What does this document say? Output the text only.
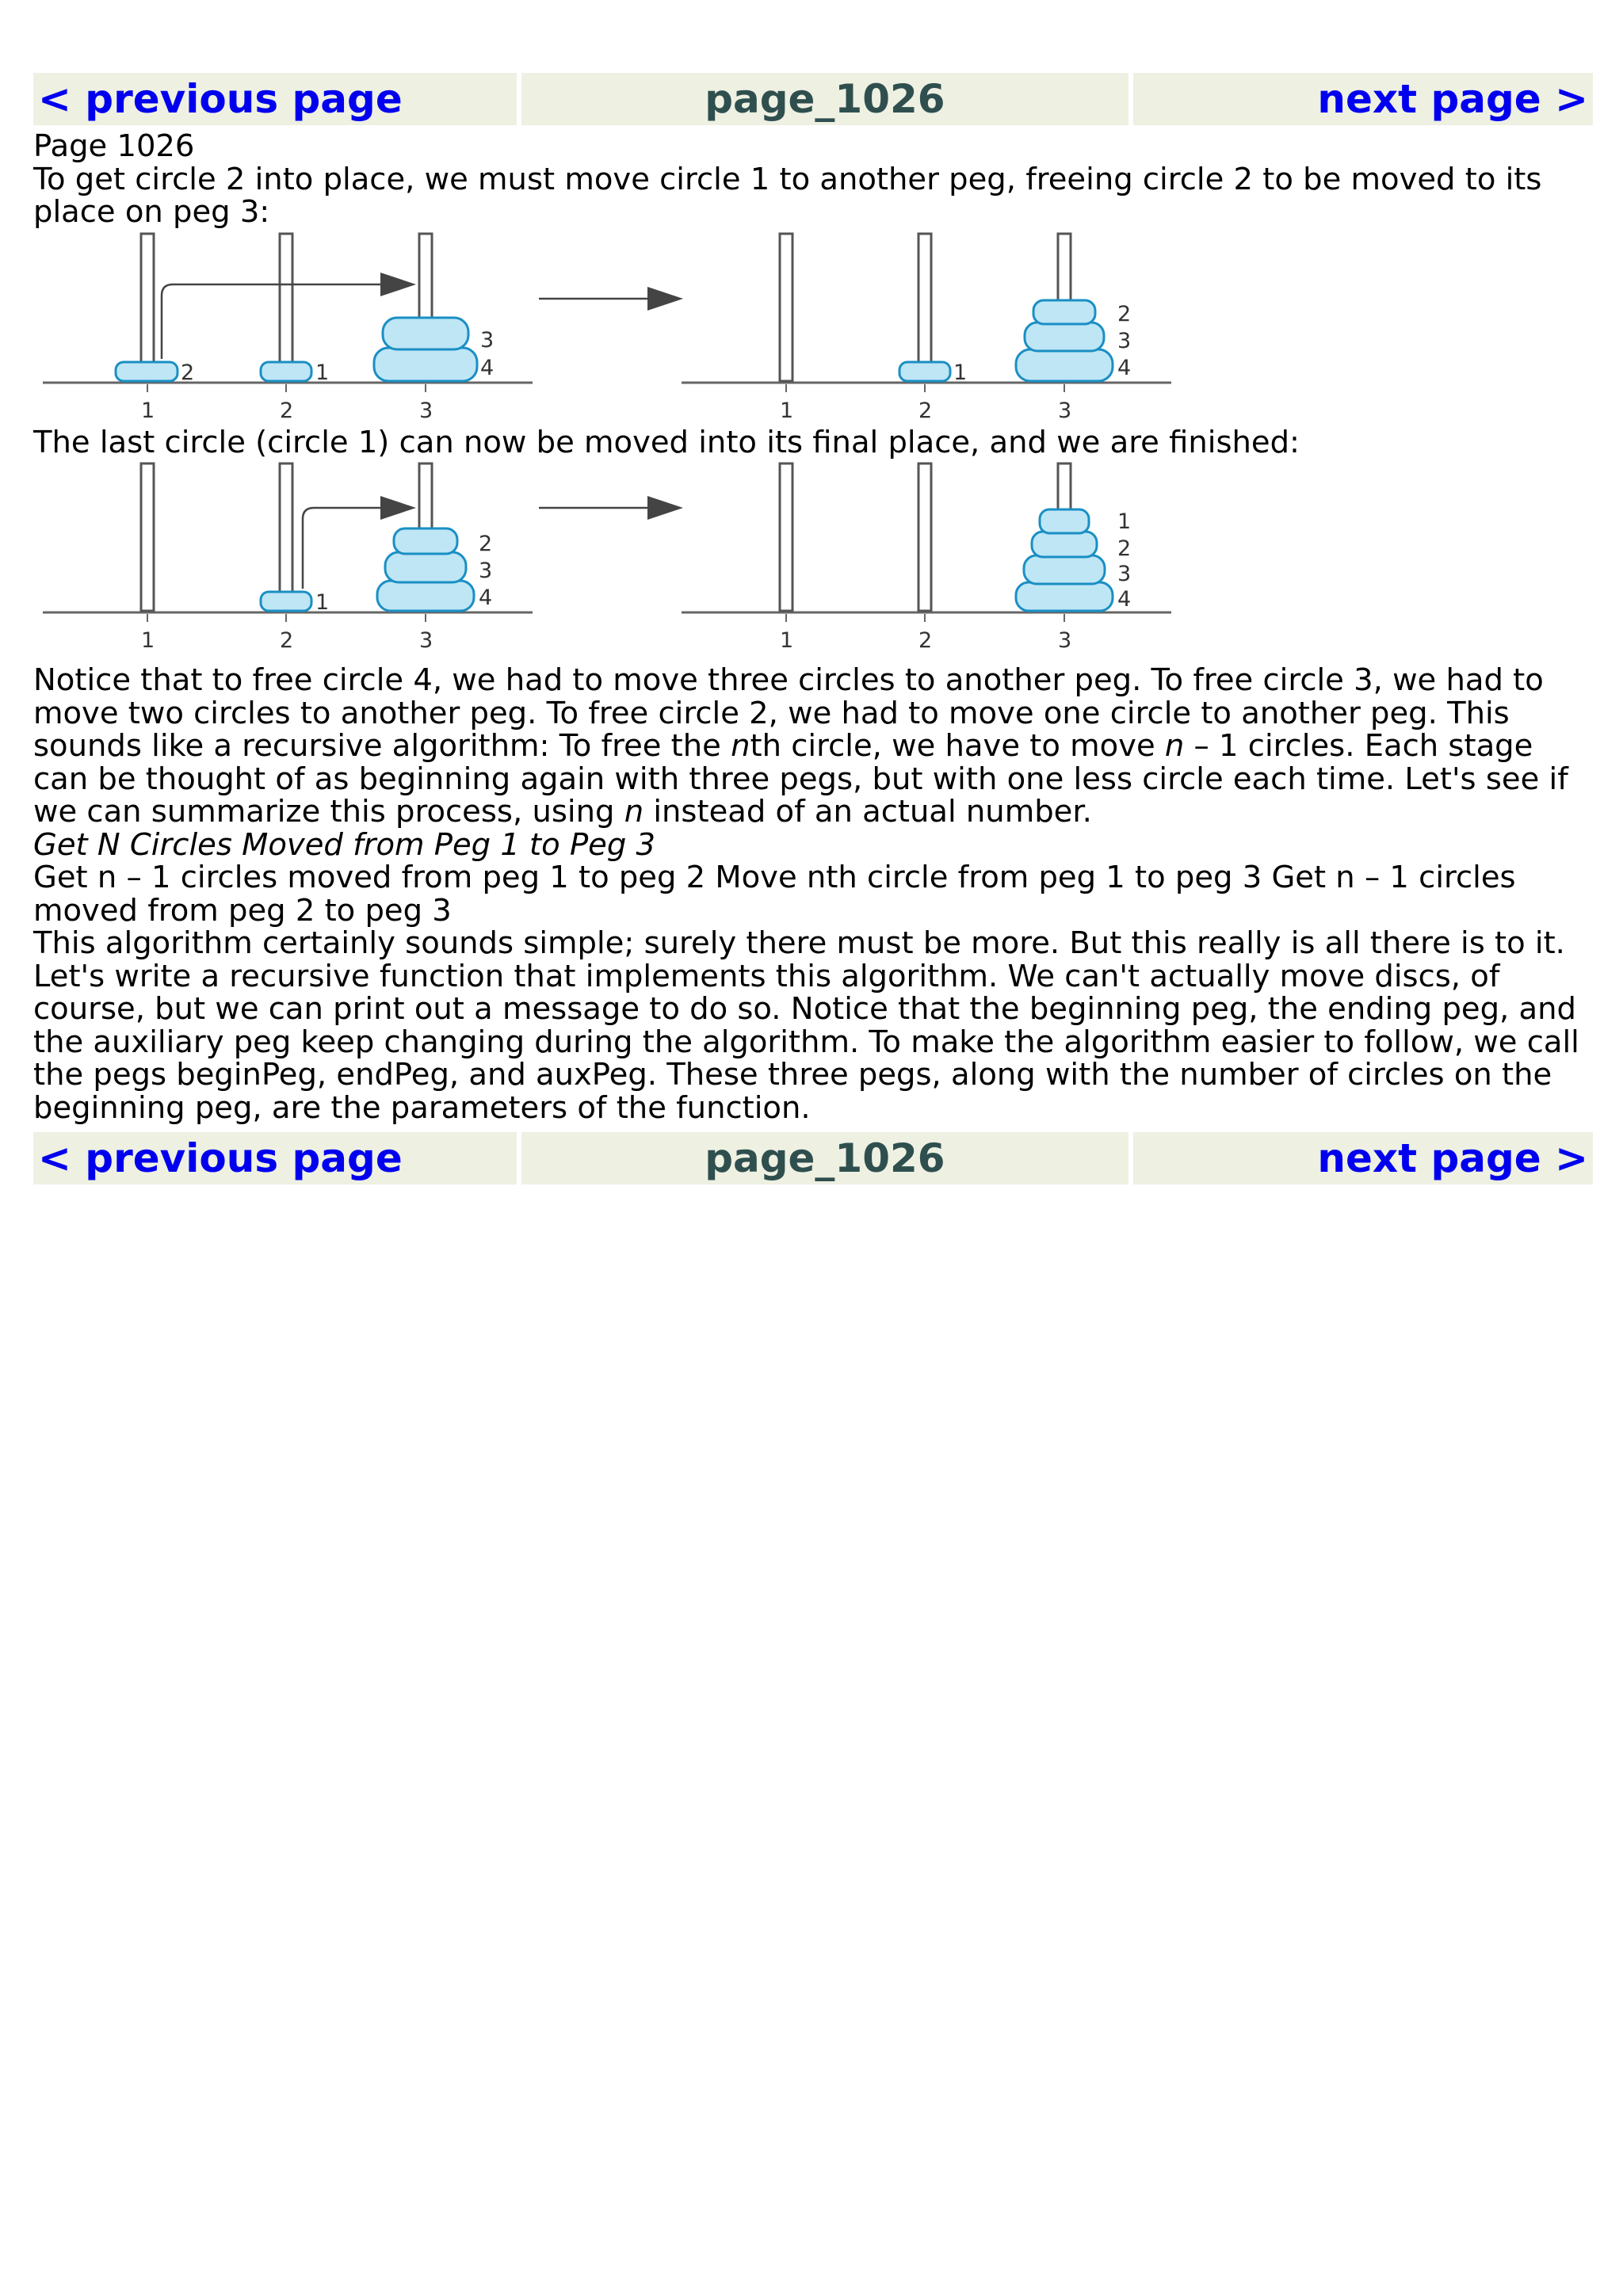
< previous page	page_1026	next page >

Page 1026

To get circle 2 into place, we must move circle 1 to another peg, freeing circle 2 to be moved to its place on peg 3:

2	1
3
4
1	2	3
1
2
3
4
1	2	3

The last circle (circle 1) can now be moved into its final place, and we are finished:

1
2
3
4
1	2	3
1
2
3
4
1	2	3

Notice that to free circle 4, we had to move three circles to another peg. To free circle 3, we had to move two circles to another peg. To free circle 2, we had to move one circle to another peg. This sounds like a recursive algorithm: To free the nth circle, we have to move n – 1 circles. Each stage can be thought of as beginning again with three pegs, but with one less circle each time. Let's see if we can summarize this process, using n instead of an actual number.

Get N Circles Moved from Peg 1 to Peg 3

Get n – 1 circles moved from peg 1 to peg 2 Move nth circle from peg 1 to peg 3 Get n – 1 circles moved from peg 2 to peg 3

This algorithm certainly sounds simple; surely there must be more. But this really is all there is to it.

Let's write a recursive function that implements this algorithm. We can't actually move discs, of course, but we can print out a message to do so. Notice that the beginning peg, the ending peg, and the auxiliary peg keep changing during the algorithm. To make the algorithm easier to follow, we call the pegs beginPeg, endPeg, and auxPeg. These three pegs, along with the number of circles on the beginning peg, are the parameters of the function.

< previous page	page_1026	next page >
